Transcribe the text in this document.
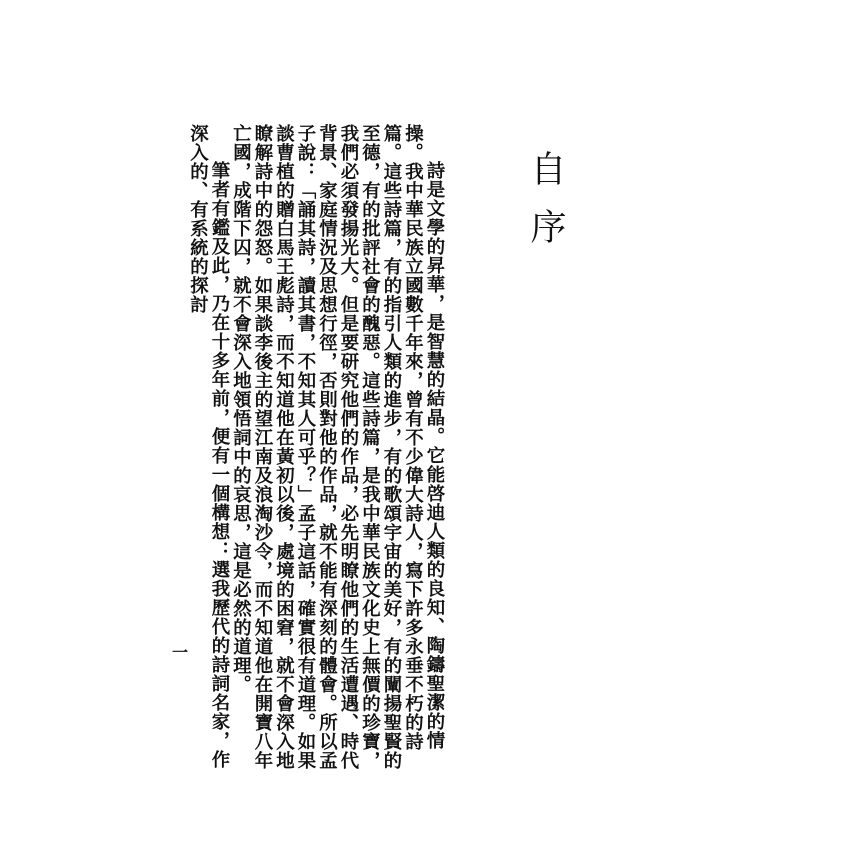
自序

詩是文學的昇華，是智慧的結晶。它能啓迪人類的良知、陶鑄聖潔的情操。我中華民族立國數千年來，曾有不少偉大詩人，寫下許多永垂不朽的詩篇。這些詩篇，有的指引人類的進步，有的歌頌宇宙的美好，有的闡揚聖賢的至德，有的批評社會的醜惡。這些詩篇，是我中華民族文化史上無價的珍寶，我們必須發揚光大。但是要研究他們的作品，必先明瞭他們的生活遭遇、時代背景、家庭情況及思想行徑，否則對他的作品，就不能有深刻的體會。所以孟子說：「誦其詩，讀其書，不知其人可乎？」孟子這話，確實很有道理。如果談曹植的贈白馬王彪詩，而不知道他在黃初以後，處境的困窘，就不會深入地瞭解詩中的怨怒。如果談李後主的望江南及浪淘沙令，而不知道他在開寶八年亡國，成階下囚，就不會深入地領悟詞中的哀思，這是必然的道理。

筆者有鑑及此，乃在十多年前，便有一個構想：選我歷代的詩詞名家，作深入的、有系統的探討

一
